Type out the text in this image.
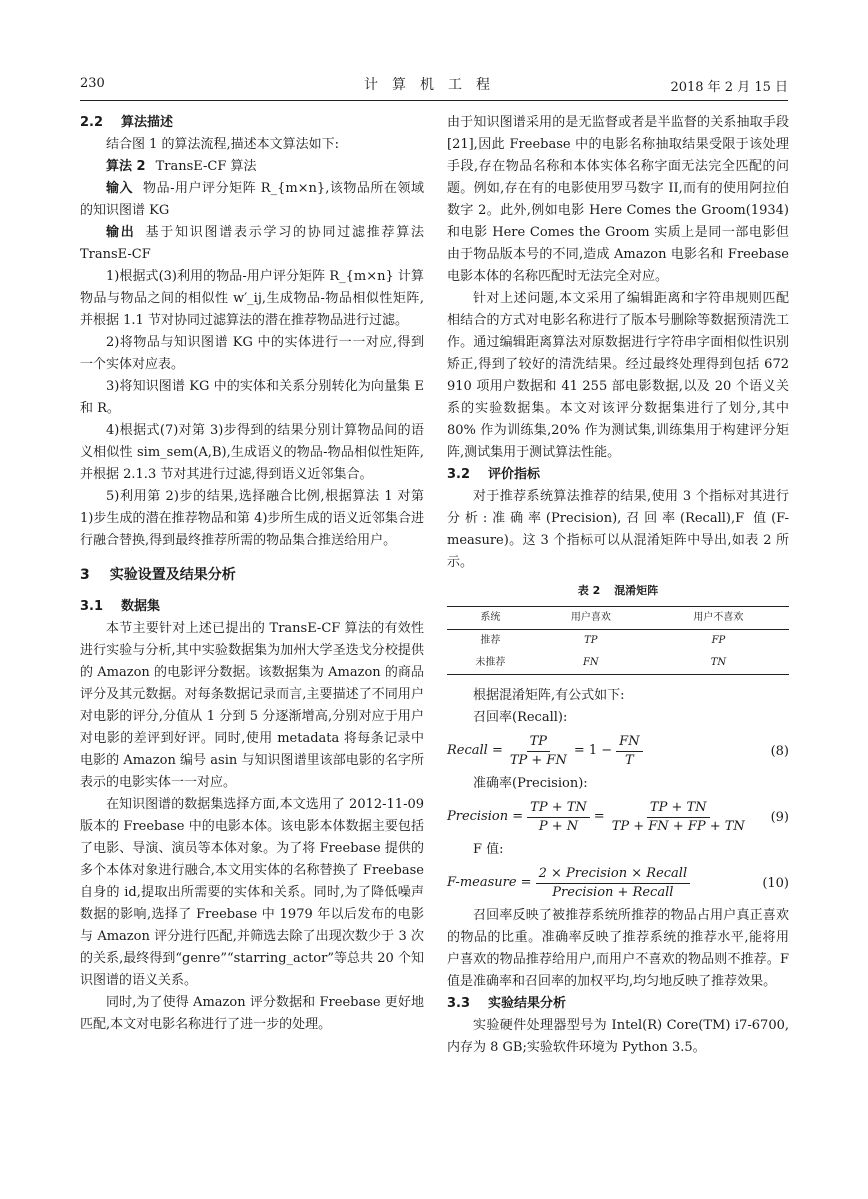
230	计算机工程	2018 年 2 月 15 日
2.2 算法描述

结合图 1 的算法流程,描述本文算法如下:

算法 2 TransE-CF 算法

输入 物品-用户评分矩阵 R_{m×n},该物品所在领域的知识图谱 KG

输出 基于知识图谱表示学习的协同过滤推荐算法 TransE-CF

1)根据式(3)利用的物品-用户评分矩阵 R_{m×n} 计算物品与物品之间的相似性 w′_ij,生成物品-物品相似性矩阵,并根据 1.1 节对协同过滤算法的潜在推荐物品进行过滤。

2)将物品与知识图谱 KG 中的实体进行一一对应,得到一个实体对应表。

3)将知识图谱 KG 中的实体和关系分别转化为向量集 E 和 R。

4)根据式(7)对第 3)步得到的结果分别计算物品间的语义相似性 sim_sem(A,B),生成语义的物品-物品相似性矩阵,并根据 2.1.3 节对其进行过滤,得到语义近邻集合。

5)利用第 2)步的结果,选择融合比例,根据算法 1 对第 1)步生成的潜在推荐物品和第 4)步所生成的语义近邻集合进行融合替换,得到最终推荐所需的物品集合推送给用户。

3 实验设置及结果分析
3.1 数据集

本节主要针对上述已提出的 TransE-CF 算法的有效性进行实验与分析,其中实验数据集为加州大学圣迭戈分校提供的 Amazon 的电影评分数据。该数据集为 Amazon 的商品评分及其元数据。对每条数据记录而言,主要描述了不同用户对电影的评分,分值从 1 分到 5 分逐渐增高,分别对应于用户对电影的差评到好评。同时,使用 metadata 将每条记录中电影的 Amazon 编号 asin 与知识图谱里该部电影的名字所表示的电影实体一一对应。

在知识图谱的数据集选择方面,本文选用了 2012-11-09 版本的 Freebase 中的电影本体。该电影本体数据主要包括了电影、导演、演员等本体对象。为了将 Freebase 提供的多个本体对象进行融合,本文用实体的名称替换了 Freebase 自身的 id,提取出所需要的实体和关系。同时,为了降低噪声数据的影响,选择了 Freebase 中 1979 年以后发布的电影与 Amazon 评分进行匹配,并筛选去除了出现次数少于 3 次的关系,最终得到“genre”“starring_actor”等总共 20 个知识图谱的语义关系。

同时,为了使得 Amazon 评分数据和 Freebase 更好地匹配,本文对电影名称进行了进一步的处理。

由于知识图谱采用的是无监督或者是半监督的关系抽取手段[21],因此 Freebase 中的电影名称抽取结果受限于该处理手段,存在物品名称和本体实体名称字面无法完全匹配的问题。例如,存在有的电影使用罗马数字 II,而有的使用阿拉伯数字 2。此外,例如电影 Here Comes the Groom(1934)和电影 Here Comes the Groom 实质上是同一部电影但由于物品版本号的不同,造成 Amazon 电影名和 Freebase 电影本体的名称匹配时无法完全对应。

针对上述问题,本文采用了编辑距离和字符串规则匹配相结合的方式对电影名称进行了版本号删除等数据预清洗工作。通过编辑距离算法对原数据进行字符串字面相似性识别矫正,得到了较好的清洗结果。经过最终处理得到包括 672 910 项用户数据和 41 255 部电影数据,以及 20 个语义关系的实验数据集。本文对该评分数据集进行了划分,其中 80% 作为训练集,20% 作为测试集,训练集用于构建评分矩阵,测试集用于测试算法性能。

3.2 评价指标

对于推荐系统算法推荐的结果,使用 3 个指标对其进行分析:准确率(Precision),召回率(Recall),F 值(F-measure)。这 3 个指标可以从混淆矩阵中导出,如表 2 所示。

表 2 混淆矩阵
系统	用户喜欢	用户不喜欢
推荐	TP	FP
未推荐	FN	TN

根据混淆矩阵,有公式如下:

召回率(Recall):

Recall = $\frac{TP}{TP + FN} = 1 - \frac{FN}{T}$	(8)

准确率(Precision):

Precision = $\frac{TP + TN}{P + N} = \frac{TP + TN}{TP + FN + FP + TN} (9)$

F 值:

F-measure = $\frac{\text{2 × Precision × Recall}}{\text{Precision + Recall}}$	(10)

召回率反映了被推荐系统所推荐的物品占用户真正喜欢的物品的比重。准确率反映了推荐系统的推荐水平,能将用户喜欢的物品推荐给用户,而用户不喜欢的物品则不推荐。F 值是准确率和召回率的加权平均,均匀地反映了推荐效果。

3.3 实验结果分析

实验硬件处理器型号为 Intel(R) Core(TM) i7-6700,内存为 8 GB;实验软件环境为 Python 3.5。
